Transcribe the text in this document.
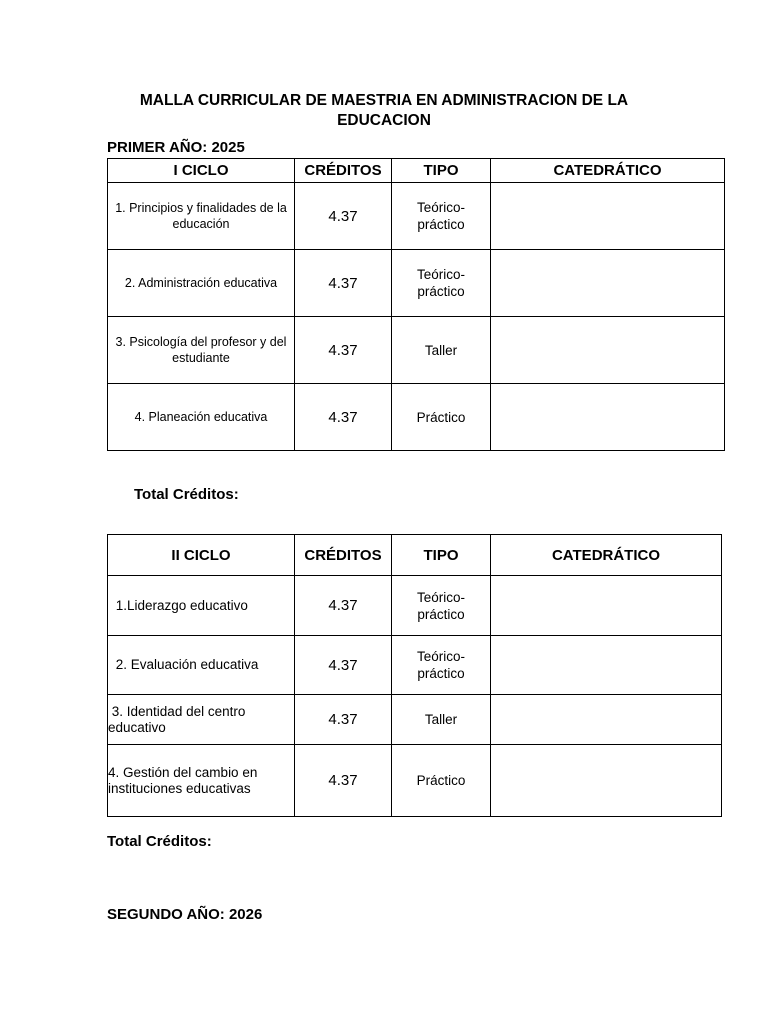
MALLA CURRICULAR DE MAESTRIA EN ADMINISTRACION DE LA EDUCACION
PRIMER AÑO: 2025
I CICLO	CRÉDITOS	TIPO	CATEDRÁTICO
1. Principios y finalidades de la educación	4.37	Teórico-práctico	

2. Administración educativa	4.37	Teórico-práctico	

3. Psicología del profesor y del estudiante	4.37	Taller	
4. Planeación educativa	4.37	Práctico	
Total Créditos:
II CICLO	CRÉDITOS	TIPO	CATEDRÁTICO
1.Liderazgo educativo	4.37	Teórico-práctico	

2. Evaluación educativa	4.37	Teórico-práctico	

3. Identidad del centro educativo	4.37	Taller	
4. Gestión del cambio en instituciones educativas	4.37	Práctico	
Total Créditos:
SEGUNDO AÑO: 2026
